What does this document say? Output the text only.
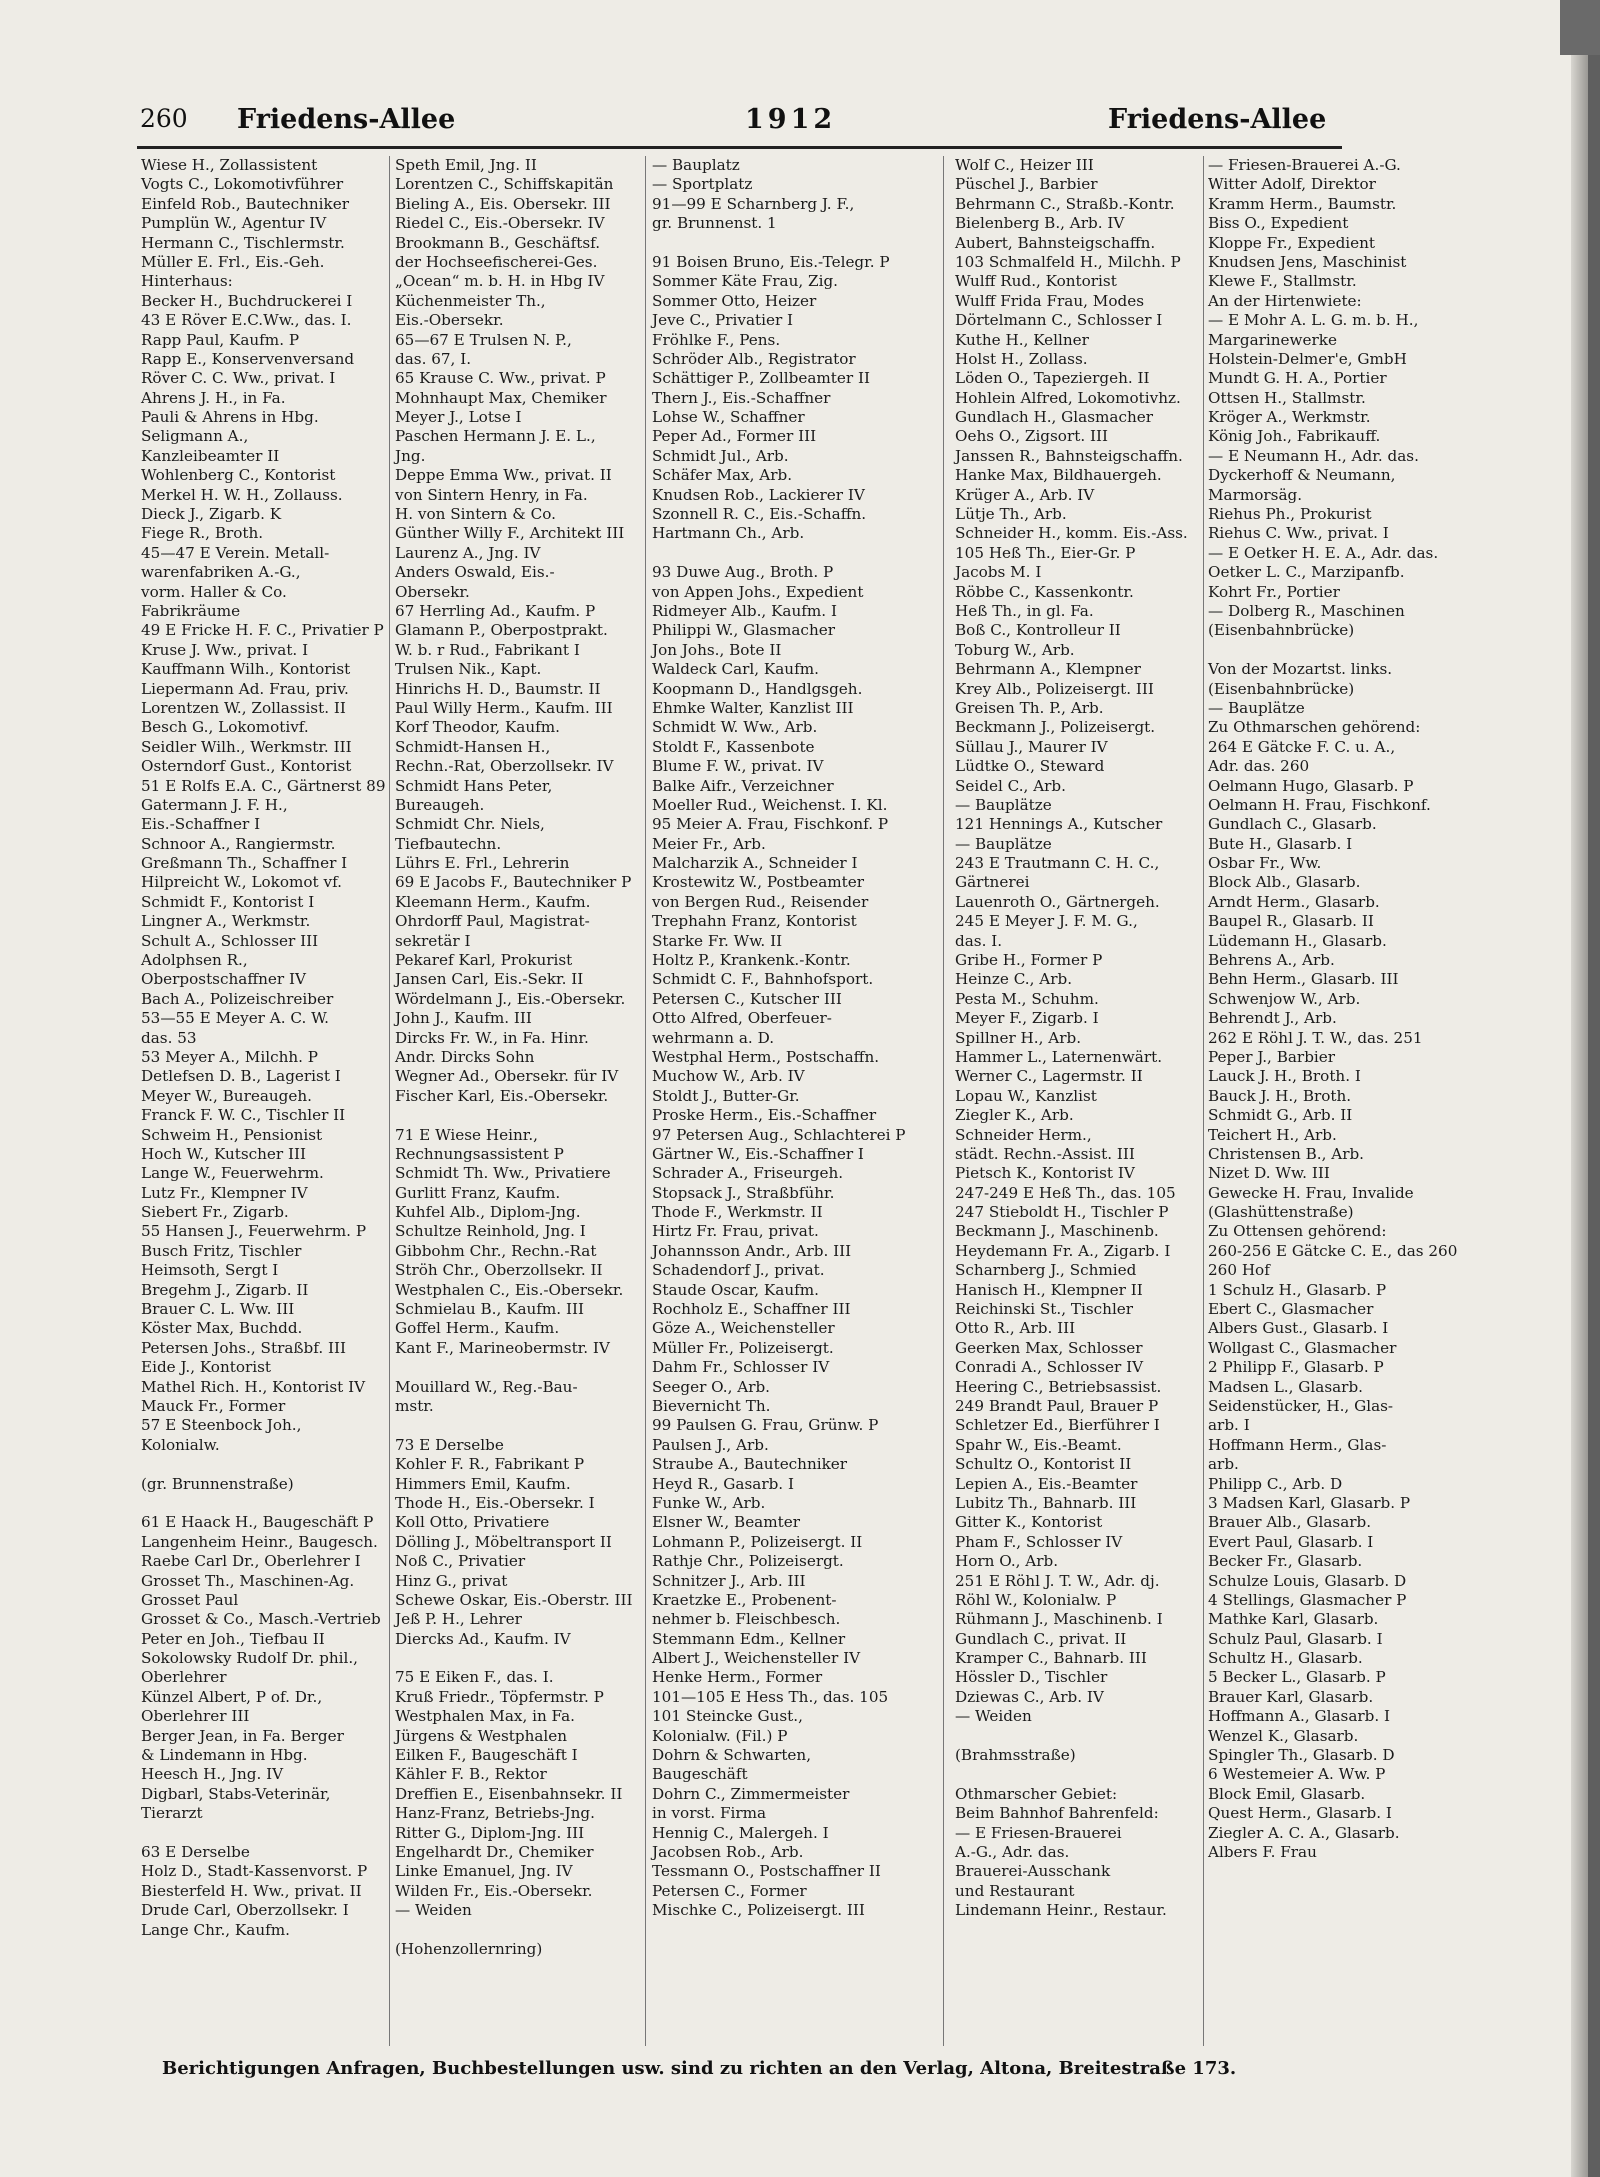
260 Friedens-Allee	1912	Friedens-Allee
Wiese H., Zollassistent
Vogts C., Lokomotivführer
Einfeld Rob., Bautechniker
Pumplün W., Agentur IV
Hermann C., Tischlermstr.
Müller E. Frl., Eis.-Geh.
Hinterhaus:
Becker H., Buchdruckerei I
43 E Röver E.C.Ww., das. I.
Rapp Paul, Kaufm. P
Rapp E., Konservenversand
Röver C. C. Ww., privat. I
Ahrens J. H., in Fa.
Pauli & Ahrens in Hbg.
Seligmann A.,
Kanzleibeamter II
Wohlenberg C., Kontorist
Merkel H. W. H., Zollauss.
Dieck J., Zigarb. K
Fiege R., Broth.
45—47 E Verein. Metall-
warenfabriken A.-G.,
vorm. Haller & Co.
Fabrikräume
49 E Fricke H. F. C., Privatier P
Kruse J. Ww., privat. I
Kauffmann Wilh., Kontorist
Liepermann Ad. Frau, priv.
Lorentzen W., Zollassist. II
Besch G., Lokomotivf.
Seidler Wilh., Werkmstr. III
Osterndorf Gust., Kontorist
51 E Rolfs E.A. C., Gärtnerst 89
Gatermann J. F. H.,
Eis.-Schaffner I
Schnoor A., Rangiermstr.
Greßmann Th., Schaffner I
Hilpreicht W., Lokomot vf.
Schmidt F., Kontorist I
Lingner A., Werkmstr.
Schult A., Schlosser III
Adolphsen R.,
Oberpostschaffner IV
Bach A., Polizeischreiber
53—55 E Meyer A. C. W.
das. 53
53 Meyer A., Milchh. P
Detlefsen D. B., Lagerist I
Meyer W., Bureaugeh.
Franck F. W. C., Tischler II
Schweim H., Pensionist
Hoch W., Kutscher III
Lange W., Feuerwehrm.
Lutz Fr., Klempner IV
Siebert Fr., Zigarb.
55 Hansen J., Feuerwehrm. P
Busch Fritz, Tischler
Heimsoth, Sergt I
Bregehm J., Zigarb. II
Brauer C. L. Ww. III
Köster Max, Buchdd.
Petersen Johs., Straßbf. III
Eide J., Kontorist
Mathel Rich. H., Kontorist IV
Mauck Fr., Former
57 E Steenbock Joh.,
Kolonialw.
(gr. Brunnenstraße)
61 E Haack H., Baugeschäft P
Langenheim Heinr., Baugesch.
Raebe Carl Dr., Oberlehrer I
Grosset Th., Maschinen-Ag.
Grosset Paul
Grosset & Co., Masch.-Vertrieb
Peter en Joh., Tiefbau II
Sokolowsky Rudolf Dr. phil.,
Oberlehrer
Künzel Albert, P of. Dr.,
Oberlehrer III
Berger Jean, in Fa. Berger
& Lindemann in Hbg.
Heesch H., Jng. IV
Digbarl, Stabs-Veterinär,
Tierarzt
63 E Derselbe
Holz D., Stadt-Kassenvorst. P
Biesterfeld H. Ww., privat. II
Drude Carl, Oberzollsekr. I
Lange Chr., Kaufm.
Speth Emil, Jng. II
Lorentzen C., Schiffskapitän
Bieling A., Eis. Obersekr. III
Riedel C., Eis.-Obersekr. IV
Brookmann B., Geschäftsf.
der Hochseefischerei-Ges.
„Ocean“ m. b. H. in Hbg IV
Küchenmeister Th.,
Eis.-Obersekr.
65—67 E Trulsen N. P.,
das. 67, I.
65 Krause C. Ww., privat. P
Mohnhaupt Max, Chemiker
Meyer J., Lotse I
Paschen Hermann J. E. L.,
Jng.
Deppe Emma Ww., privat. II
von Sintern Henry, in Fa.
H. von Sintern & Co.
Günther Willy F., Architekt III
Laurenz A., Jng. IV
Anders Oswald, Eis.-
Obersekr.
67 Herrling Ad., Kaufm. P
Glamann P., Oberpostprakt.
W. b. r Rud., Fabrikant I
Trulsen Nik., Kapt.
Hinrichs H. D., Baumstr. II
Paul Willy Herm., Kaufm. III
Korf Theodor, Kaufm.
Schmidt-Hansen H.,
Rechn.-Rat, Oberzollsekr. IV
Schmidt Hans Peter,
Bureaugeh.
Schmidt Chr. Niels,
Tiefbautechn.
Lührs E. Frl., Lehrerin
69 E Jacobs F., Bautechniker P
Kleemann Herm., Kaufm.
Ohrdorff Paul, Magistrat-
sekretär I
Pekaref Karl, Prokurist
Jansen Carl, Eis.-Sekr. II
Wördelmann J., Eis.-Obersekr.
John J., Kaufm. III
Dircks Fr. W., in Fa. Hinr.
Andr. Dircks Sohn
Wegner Ad., Obersekr. für IV
Fischer Karl, Eis.-Obersekr.
71 E Wiese Heinr.,
Rechnungsassistent P
Schmidt Th. Ww., Privatiere
Gurlitt Franz, Kaufm.
Kuhfel Alb., Diplom-Jng.
Schultze Reinhold, Jng. I
Gibbohm Chr., Rechn.-Rat
Ströh Chr., Oberzollsekr. II
Westphalen C., Eis.-Obersekr.
Schmielau B., Kaufm. III
Goffel Herm., Kaufm.
Kant F., Marineobermstr. IV
Mouillard W., Reg.-Bau-
mstr.
73 E Derselbe
Kohler F. R., Fabrikant P
Himmers Emil, Kaufm.
Thode H., Eis.-Obersekr. I
Koll Otto, Privatiere
Dölling J., Möbeltransport II
Noß C., Privatier
Hinz G., privat
Schewe Oskar, Eis.-Oberstr. III
Jeß P. H., Lehrer
Diercks Ad., Kaufm. IV
75 E Eiken F., das. I.
Kruß Friedr., Töpfermstr. P
Westphalen Max, in Fa.
Jürgens & Westphalen
Eilken F., Baugeschäft I
Kähler F. B., Rektor
Dreffien E., Eisenbahnsekr. II
Hanz-Franz, Betriebs-Jng.
Ritter G., Diplom-Jng. III
Engelhardt Dr., Chemiker
Linke Emanuel, Jng. IV
Wilden Fr., Eis.-Obersekr.
— Weiden
(Hohenzollernring)
— Bauplatz
— Sportplatz
91—99 E Scharnberg J. F.,
gr. Brunnenst. 1
91 Boisen Bruno, Eis.-Telegr. P
Sommer Käte Frau, Zig.
Sommer Otto, Heizer
Jeve C., Privatier I
Fröhlke F., Pens.
Schröder Alb., Registrator
Schättiger P., Zollbeamter II
Thern J., Eis.-Schaffner
Lohse W., Schaffner
Peper Ad., Former III
Schmidt Jul., Arb.
Schäfer Max, Arb.
Knudsen Rob., Lackierer IV
Szonnell R. C., Eis.-Schaffn.
Hartmann Ch., Arb.
93 Duwe Aug., Broth. P
von Appen Johs., Expedient
Ridmeyer Alb., Kaufm. I
Philippi W., Glasmacher
Jon Johs., Bote II
Waldeck Carl, Kaufm.
Koopmann D., Handlgsgeh.
Ehmke Walter, Kanzlist III
Schmidt W. Ww., Arb.
Stoldt F., Kassenbote
Blume F. W., privat. IV
Balke Aifr., Verzeichner
Moeller Rud., Weichenst. I. Kl.
95 Meier A. Frau, Fischkonf. P
Meier Fr., Arb.
Malcharzik A., Schneider I
Krostewitz W., Postbeamter
von Bergen Rud., Reisender
Trephahn Franz, Kontorist
Starke Fr. Ww. II
Holtz P., Krankenk.-Kontr.
Schmidt C. F., Bahnhofsport.
Petersen C., Kutscher III
Otto Alfred, Oberfeuer-
wehrmann a. D.
Westphal Herm., Postschaffn.
Muchow W., Arb. IV
Stoldt J., Butter-Gr.
Proske Herm., Eis.-Schaffner
97 Petersen Aug., Schlachterei P
Gärtner W., Eis.-Schaffner I
Schrader A., Friseurgeh.
Stopsack J., Straßbführ.
Thode F., Werkmstr. II
Hirtz Fr. Frau, privat.
Johannsson Andr., Arb. III
Schadendorf J., privat.
Staude Oscar, Kaufm.
Rochholz E., Schaffner III
Göze A., Weichensteller
Müller Fr., Polizeisergt.
Dahm Fr., Schlosser IV
Seeger O., Arb.
Bievernicht Th.
99 Paulsen G. Frau, Grünw. P
Paulsen J., Arb.
Straube A., Bautechniker
Heyd R., Gasarb. I
Funke W., Arb.
Elsner W., Beamter
Lohmann P., Polizeisergt. II
Rathje Chr., Polizeisergt.
Schnitzer J., Arb. III
Kraetzke E., Probenent-
nehmer b. Fleischbesch.
Stemmann Edm., Kellner
Albert J., Weichensteller IV
Henke Herm., Former
101—105 E Hess Th., das. 105
101 Steincke Gust.,
Kolonialw. (Fil.) P
Dohrn & Schwarten,
Baugeschäft
Dohrn C., Zimmermeister
in vorst. Firma
Hennig C., Malergeh. I
Jacobsen Rob., Arb.
Tessmann O., Postschaffner II
Petersen C., Former
Mischke C., Polizeisergt. III
Wolf C., Heizer III
Püschel J., Barbier
Behrmann C., Straßb.-Kontr.
Bielenberg B., Arb. IV
Aubert, Bahnsteigschaffn.
103 Schmalfeld H., Milchh. P
Wulff Rud., Kontorist
Wulff Frida Frau, Modes
Dörtelmann C., Schlosser I
Kuthe H., Kellner
Holst H., Zollass.
Löden O., Tapeziergeh. II
Hohlein Alfred, Lokomotivhz.
Gundlach H., Glasmacher
Oehs O., Zigsort. III
Janssen R., Bahnsteigschaffn.
Hanke Max, Bildhauergeh.
Krüger A., Arb. IV
Lütje Th., Arb.
Schneider H., komm. Eis.-Ass.
105 Heß Th., Eier-Gr. P
Jacobs M. I
Röbbe C., Kassenkontr.
Heß Th., in gl. Fa.
Boß C., Kontrolleur II
Toburg W., Arb.
Behrmann A., Klempner
Krey Alb., Polizeisergt. III
Greisen Th. P., Arb.
Beckmann J., Polizeisergt.
Süllau J., Maurer IV
Lüdtke O., Steward
Seidel C., Arb.
— Bauplätze
121 Hennings A., Kutscher
— Bauplätze
243 E Trautmann C. H. C.,
Gärtnerei
Lauenroth O., Gärtnergeh.
245 E Meyer J. F. M. G.,
das. I.
Gribe H., Former P
Heinze C., Arb.
Pesta M., Schuhm.
Meyer F., Zigarb. I
Spillner H., Arb.
Hammer L., Laternenwärt.
Werner C., Lagermstr. II
Lopau W., Kanzlist
Ziegler K., Arb.
Schneider Herm.,
städt. Rechn.-Assist. III
Pietsch K., Kontorist IV
247-249 E Heß Th., das. 105
247 Stieboldt H., Tischler P
Beckmann J., Maschinenb.
Heydemann Fr. A., Zigarb. I
Scharnberg J., Schmied
Hanisch H., Klempner II
Reichinski St., Tischler
Otto R., Arb. III
Geerken Max, Schlosser
Conradi A., Schlosser IV
Heering C., Betriebsassist.
249 Brandt Paul, Brauer P
Schletzer Ed., Bierführer I
Spahr W., Eis.-Beamt.
Schultz O., Kontorist II
Lepien A., Eis.-Beamter
Lubitz Th., Bahnarb. III
Gitter K., Kontorist
Pham F., Schlosser IV
Horn O., Arb.
251 E Röhl J. T. W., Adr. dj.
Röhl W., Kolonialw. P
Rühmann J., Maschinenb. I
Gundlach C., privat. II
Kramper C., Bahnarb. III
Hössler D., Tischler
Dziewas C., Arb. IV
— Weiden
(Brahmsstraße)
Othmarscher Gebiet:
Beim Bahnhof Bahrenfeld:
— E Friesen-Brauerei
A.-G., Adr. das.
Brauerei-Ausschank
und Restaurant
Lindemann Heinr., Restaur.
— Friesen-Brauerei A.-G.
Witter Adolf, Direktor
Kramm Herm., Baumstr.
Biss O., Expedient
Kloppe Fr., Expedient
Knudsen Jens, Maschinist
Klewe F., Stallmstr.
An der Hirtenwiete:
— E Mohr A. L. G. m. b. H.,
Margarinewerke
Holstein-Delmer'e, GmbH
Mundt G. H. A., Portier
Ottsen H., Stallmstr.
Kröger A., Werkmstr.
König Joh., Fabrikauff.
— E Neumann H., Adr. das.
Dyckerhoff & Neumann,
Marmorsäg.
Riehus Ph., Prokurist
Riehus C. Ww., privat. I
— E Oetker H. E. A., Adr. das.
Oetker L. C., Marzipanfb.
Kohrt Fr., Portier
— Dolberg R., Maschinen
(Eisenbahnbrücke)
Von der Mozartst. links.
(Eisenbahnbrücke)
— Bauplätze
Zu Othmarschen gehörend:
264 E Gätcke F. C. u. A.,
Adr. das. 260
Oelmann Hugo, Glasarb. P
Oelmann H. Frau, Fischkonf.
Gundlach C., Glasarb.
Bute H., Glasarb. I
Osbar Fr., Ww.
Block Alb., Glasarb.
Arndt Herm., Glasarb.
Baupel R., Glasarb. II
Lüdemann H., Glasarb.
Behrens A., Arb.
Behn Herm., Glasarb. III
Schwenjow W., Arb.
Behrendt J., Arb.
262 E Röhl J. T. W., das. 251
Peper J., Barbier
Lauck J. H., Broth. I
Bauck J. H., Broth.
Schmidt G., Arb. II
Teichert H., Arb.
Christensen B., Arb.
Nizet D. Ww. III
Gewecke H. Frau, Invalide
(Glashüttenstraße)
Zu Ottensen gehörend:
260-256 E Gätcke C. E., das 260
260 Hof
1 Schulz H., Glasarb. P
Ebert C., Glasmacher
Albers Gust., Glasarb. I
Wollgast C., Glasmacher
2 Philipp F., Glasarb. P
Madsen L., Glasarb.
Seidenstücker, H., Glas-
arb. I
Hoffmann Herm., Glas-
arb.
Philipp C., Arb. D
3 Madsen Karl, Glasarb. P
Brauer Alb., Glasarb.
Evert Paul, Glasarb. I
Becker Fr., Glasarb.
Schulze Louis, Glasarb. D
4 Stellings, Glasmacher P
Mathke Karl, Glasarb.
Schulz Paul, Glasarb. I
Schultz H., Glasarb.
5 Becker L., Glasarb. P
Brauer Karl, Glasarb.
Hoffmann A., Glasarb. I
Wenzel K., Glasarb.
Spingler Th., Glasarb. D
6 Westemeier A. Ww. P
Block Emil, Glasarb.
Quest Herm., Glasarb. I
Ziegler A. C. A., Glasarb.
Albers F. Frau
Berichtigungen Anfragen, Buchbestellungen usw. sind zu richten an den Verlag, Altona, Breitestraße 173.
